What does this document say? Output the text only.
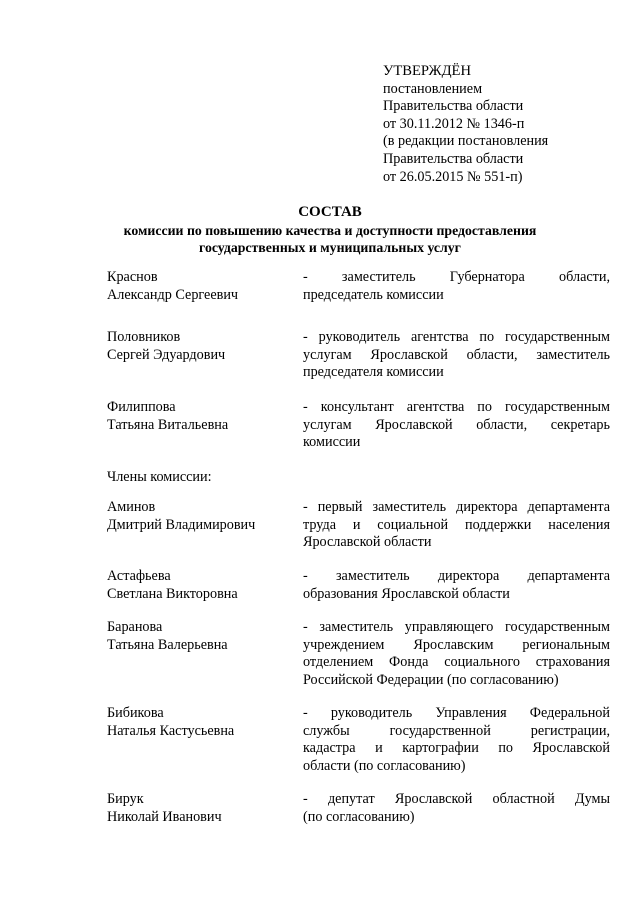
УТВЕРЖДЁН
постановлением
Правительства области
от 30.11.2012 № 1346-п
(в редакции постановления
Правительства области
от 26.05.2015 № 551-п)
СОСТАВ
комиссии по повышению качества и доступности предоставления
государственных и муниципальных услуг
Краснов
Александр Сергеевич
- заместитель Губернатора области,
председатель комиссии
Половников
Сергей Эдуардович
- руководитель агентства по государственным
услугам Ярославской области, заместитель
председателя комиссии
Филиппова
Татьяна Витальевна
- консультант агентства по государственным
услугам Ярославской области, секретарь
комиссии
Члены комиссии:
Аминов
Дмитрий Владимирович
- первый заместитель директора департамента
труда и социальной поддержки населения
Ярославской области
Астафьева
Светлана Викторовна
- заместитель директора департамента
образования Ярославской области
Баранова
Татьяна Валерьевна
- заместитель управляющего государственным
учреждением Ярославским региональным
отделением Фонда социального страхования
Российской Федерации (по согласованию)
Бибикова
Наталья Кастусьевна
- руководитель Управления Федеральной
службы государственной регистрации,
кадастра и картографии по Ярославской
области (по согласованию)
Бирук
Николай Иванович
- депутат Ярославской областной Думы
(по согласованию)
